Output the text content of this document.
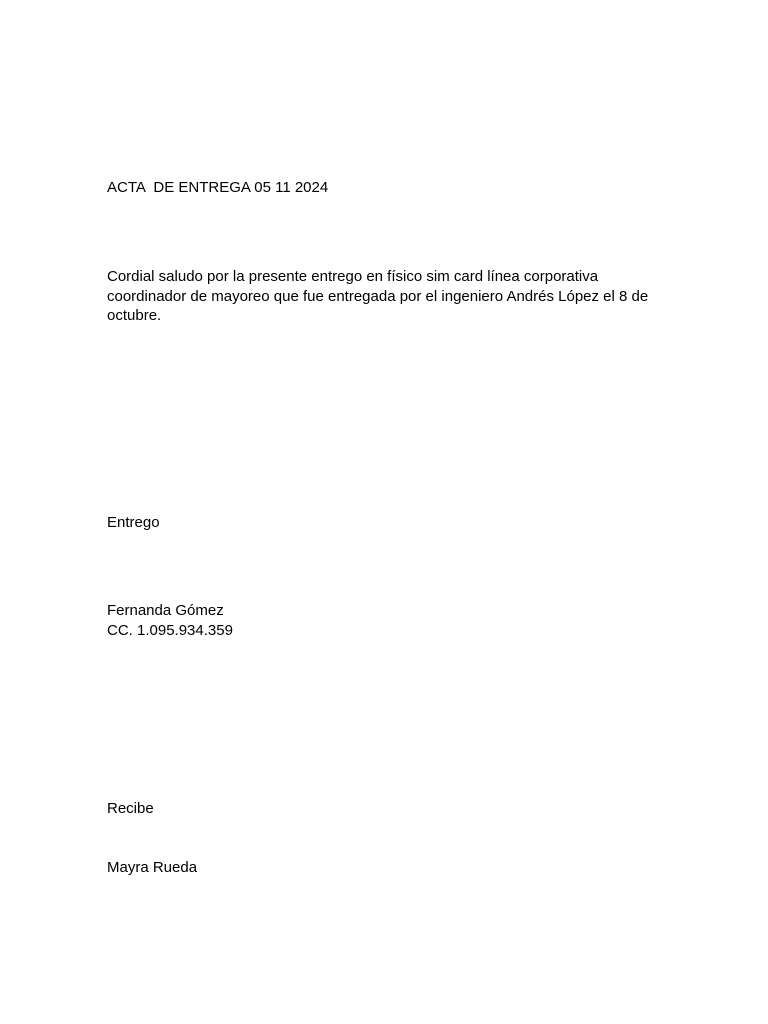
ACTA  DE ENTREGA 05 11 2024
Cordial saludo por la presente entrego en físico sim card línea corporativa
coordinador de mayoreo que fue entregada por el ingeniero Andrés López el 8 de
octubre.
Entrego
Fernanda Gómez
CC. 1.095.934.359
Recibe
Mayra Rueda
